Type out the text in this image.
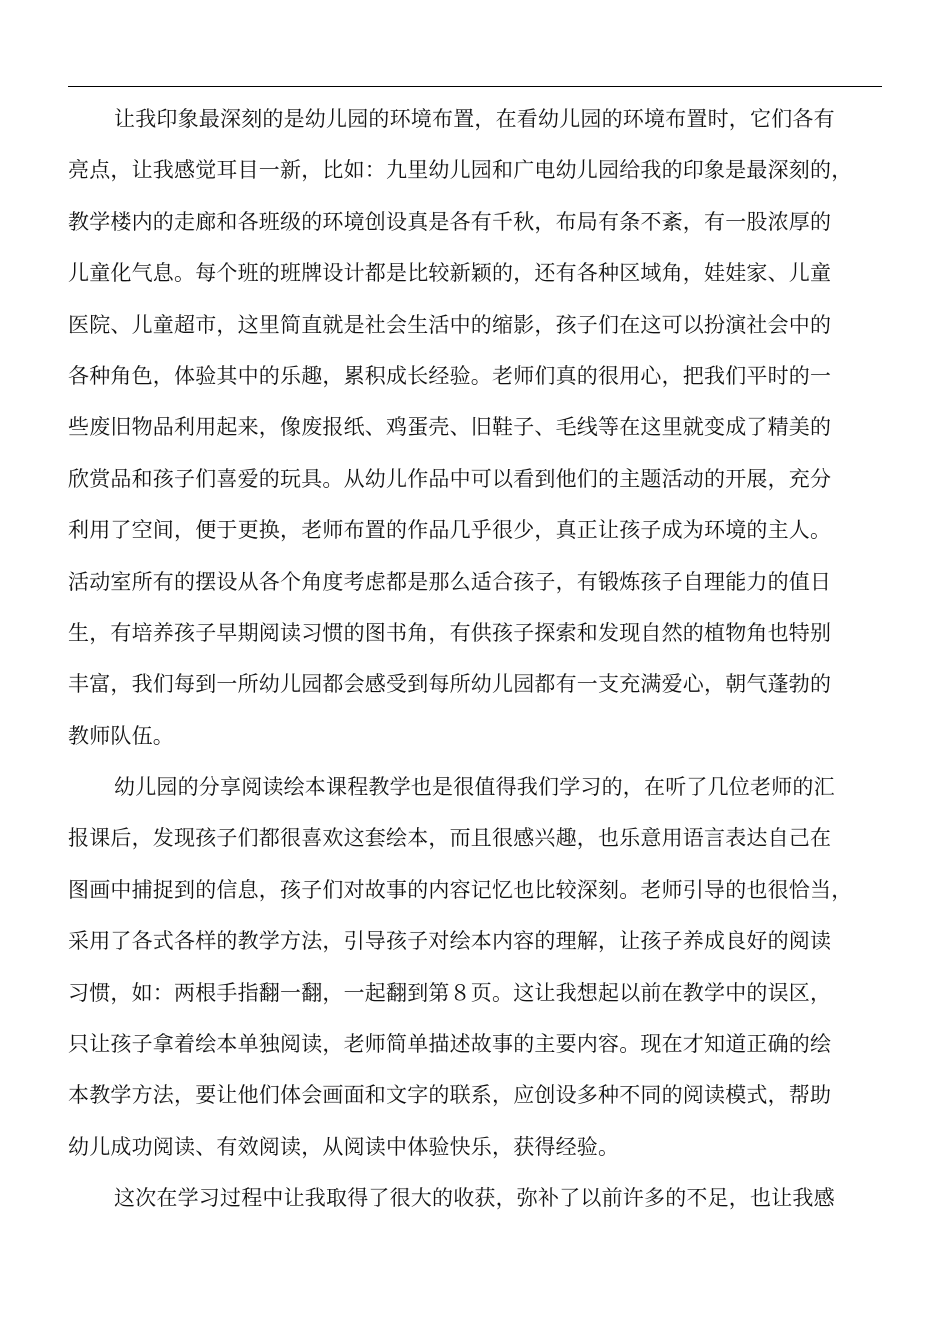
让我印象最深刻的是幼儿园的环境布置，在看幼儿园的环境布置时，它们各有
亮点，让我感觉耳目一新，比如：九里幼儿园和广电幼儿园给我的印象是最深刻的，
教学楼内的走廊和各班级的环境创设真是各有千秋，布局有条不紊，有一股浓厚的
儿童化气息。每个班的班牌设计都是比较新颖的，还有各种区域角，娃娃家、儿童
医院、儿童超市，这里简直就是社会生活中的缩影，孩子们在这可以扮演社会中的
各种角色，体验其中的乐趣，累积成长经验。老师们真的很用心，把我们平时的一
些废旧物品利用起来，像废报纸、鸡蛋壳、旧鞋子、毛线等在这里就变成了精美的
欣赏品和孩子们喜爱的玩具。从幼儿作品中可以看到他们的主题活动的开展，充分
利用了空间，便于更换，老师布置的作品几乎很少，真正让孩子成为环境的主人。
活动室所有的摆设从各个角度考虑都是那么适合孩子，有锻炼孩子自理能力的值日
生，有培养孩子早期阅读习惯的图书角，有供孩子探索和发现自然的植物角也特别
丰富，我们每到一所幼儿园都会感受到每所幼儿园都有一支充满爱心，朝气蓬勃的
教师队伍。
幼儿园的分享阅读绘本课程教学也是很值得我们学习的，在听了几位老师的汇
报课后，发现孩子们都很喜欢这套绘本，而且很感兴趣，也乐意用语言表达自己在
图画中捕捉到的信息，孩子们对故事的内容记忆也比较深刻。老师引导的也很恰当，
采用了各式各样的教学方法，引导孩子对绘本内容的理解，让孩子养成良好的阅读
习惯，如：两根手指翻一翻，一起翻到第８页。这让我想起以前在教学中的误区，
只让孩子拿着绘本单独阅读，老师简单描述故事的主要内容。现在才知道正确的绘
本教学方法，要让他们体会画面和文字的联系，应创设多种不同的阅读模式，帮助
幼儿成功阅读、有效阅读，从阅读中体验快乐，获得经验。
这次在学习过程中让我取得了很大的收获，弥补了以前许多的不足，也让我感
